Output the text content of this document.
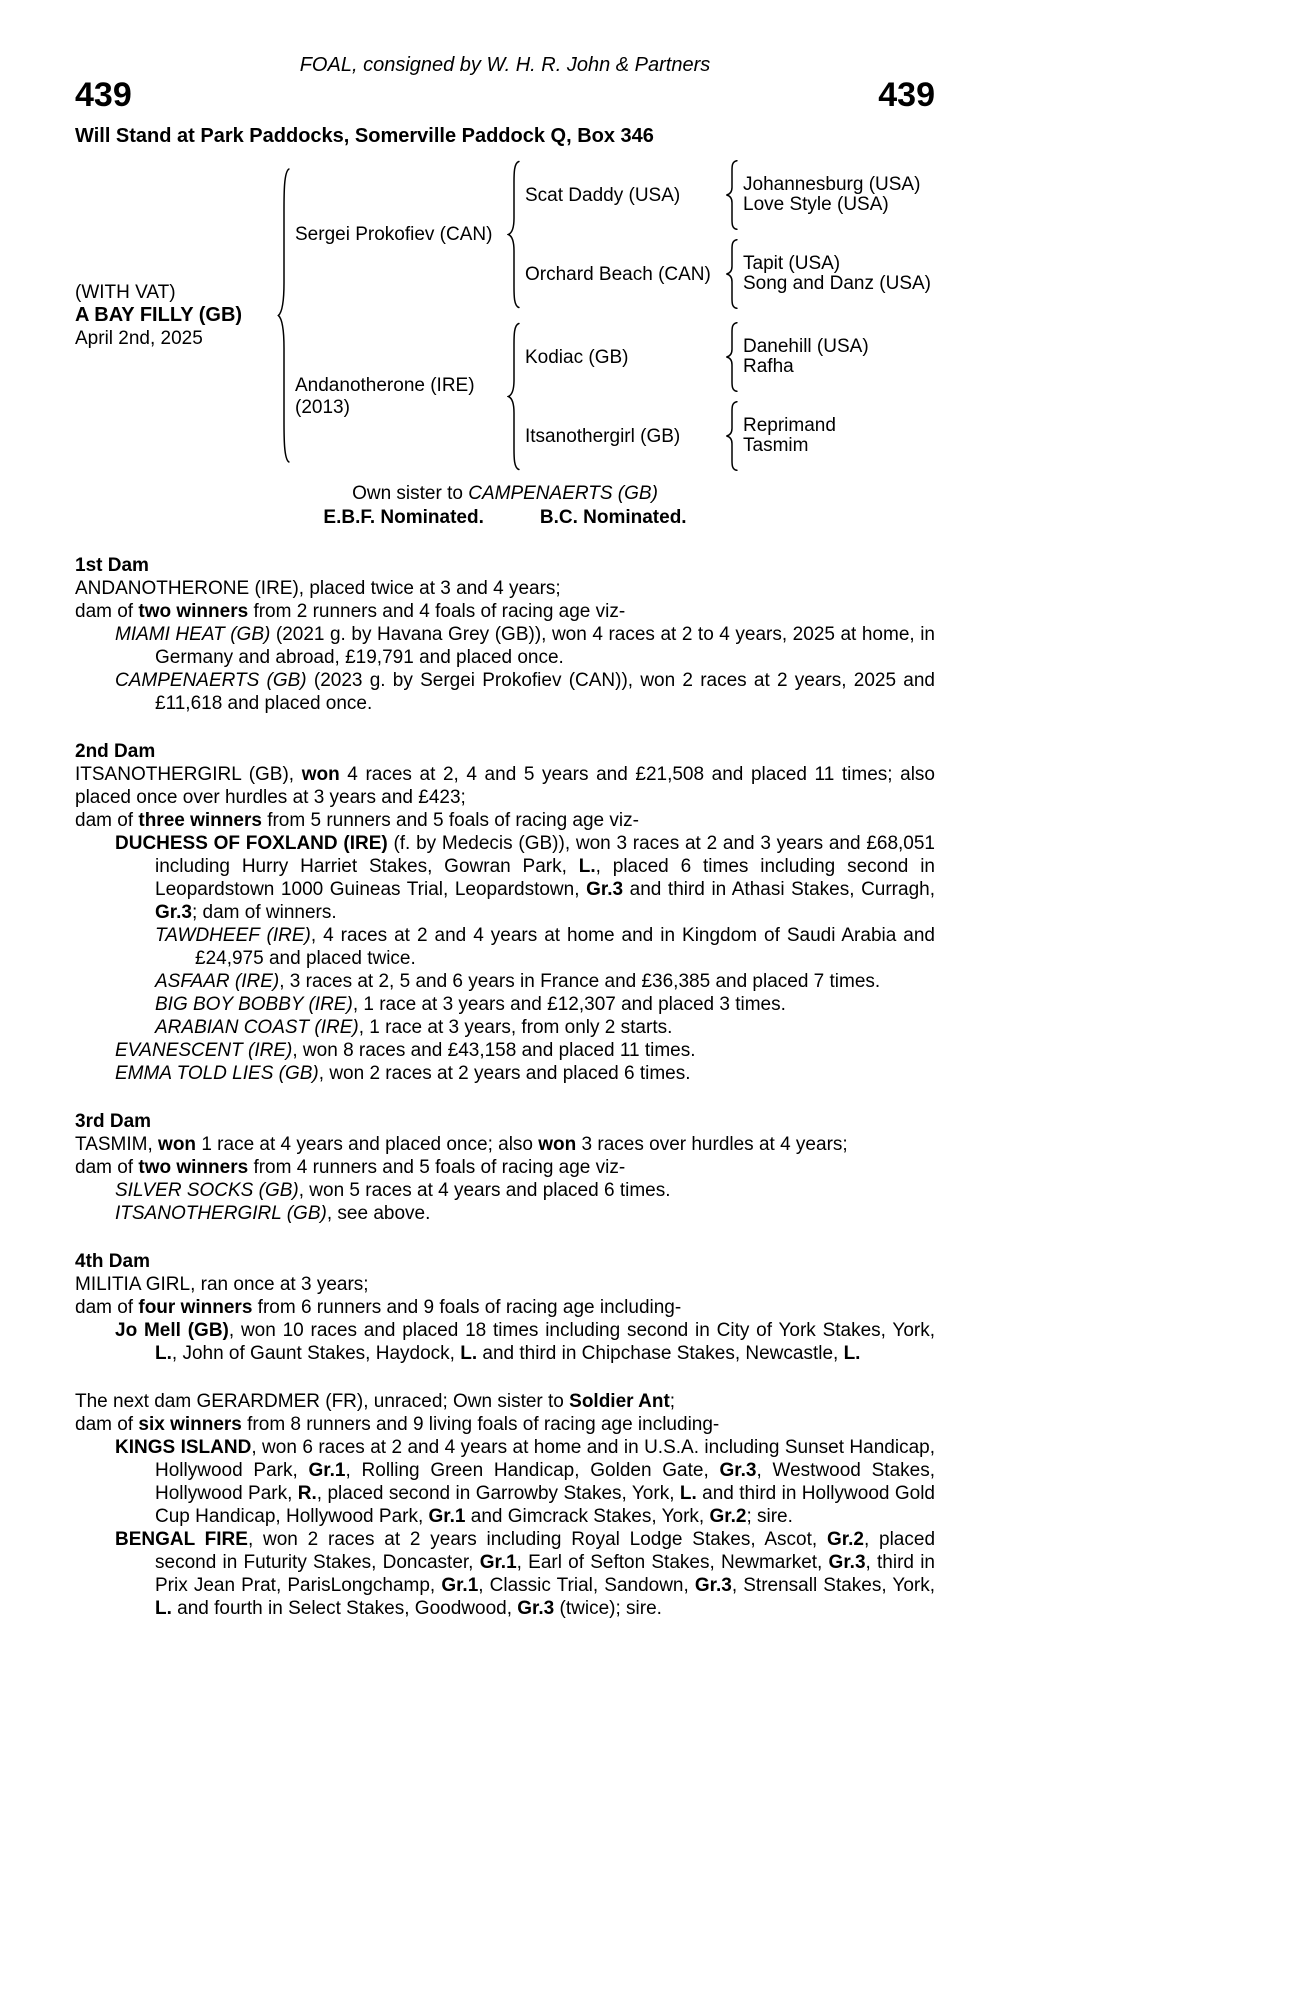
FOAL, consigned by W. H. R. John & Partners
439	439
Will Stand at Park Paddocks, Somerville Paddock Q, Box 346
(WITH VAT)
A BAY FILLY (GB)
April 2nd, 2025
Sergei Prokofiev (CAN)
Scat Daddy (USA)	Johannesburg (USA)
Love Style (USA)
Orchard Beach (CAN)	Tapit (USA)
Song and Danz (USA)
Andanotherone (IRE)
(2013)
Kodiac (GB)	Danehill (USA)
Rafha
Itsanothergirl (GB)	Reprimand
Tasmim
Own sister to CAMPENAERTS (GB)
E.B.F. Nominated.	B.C. Nominated.
1st Dam

ANDANOTHERONE (IRE), placed twice at 3 and 4 years;

dam of two winners from 2 runners and 4 foals of racing age viz-

MIAMI HEAT (GB) (2021 g. by Havana Grey (GB)), won 4 races at 2 to 4 years, 2025 at home, in Germany and abroad, £19,791 and placed once.

CAMPENAERTS (GB) (2023 g. by Sergei Prokofiev (CAN)), won 2 races at 2 years, 2025 and £11,618 and placed once.

2nd Dam

ITSANOTHERGIRL (GB), won 4 races at 2, 4 and 5 years and £21,508 and placed 11 times; also placed once over hurdles at 3 years and £423;

dam of three winners from 5 runners and 5 foals of racing age viz-

DUCHESS OF FOXLAND (IRE) (f. by Medecis (GB)), won 3 races at 2 and 3 years and £68,051 including Hurry Harriet Stakes, Gowran Park, L., placed 6 times including second in Leopardstown 1000 Guineas Trial, Leopardstown, Gr.3 and third in Athasi Stakes, Curragh, Gr.3; dam of winners.

TAWDHEEF (IRE), 4 races at 2 and 4 years at home and in Kingdom of Saudi Arabia and £24,975 and placed twice.

ASFAAR (IRE), 3 races at 2, 5 and 6 years in France and £36,385 and placed 7 times.

BIG BOY BOBBY (IRE), 1 race at 3 years and £12,307 and placed 3 times.

ARABIAN COAST (IRE), 1 race at 3 years, from only 2 starts.

EVANESCENT (IRE), won 8 races and £43,158 and placed 11 times.

EMMA TOLD LIES (GB), won 2 races at 2 years and placed 6 times.

3rd Dam

TASMIM, won 1 race at 4 years and placed once; also won 3 races over hurdles at 4 years;

dam of two winners from 4 runners and 5 foals of racing age viz-

SILVER SOCKS (GB), won 5 races at 4 years and placed 6 times.

ITSANOTHERGIRL (GB), see above.

4th Dam

MILITIA GIRL, ran once at 3 years;

dam of four winners from 6 runners and 9 foals of racing age including-

Jo Mell (GB), won 10 races and placed 18 times including second in City of York Stakes, York, L., John of Gaunt Stakes, Haydock, L. and third in Chipchase Stakes, Newcastle, L.

The next dam GERARDMER (FR), unraced; Own sister to Soldier Ant;

dam of six winners from 8 runners and 9 living foals of racing age including-

KINGS ISLAND, won 6 races at 2 and 4 years at home and in U.S.A. including Sunset Handicap, Hollywood Park, Gr.1, Rolling Green Handicap, Golden Gate, Gr.3, Westwood Stakes, Hollywood Park, R., placed second in Garrowby Stakes, York, L. and third in Hollywood Gold Cup Handicap, Hollywood Park, Gr.1 and Gimcrack Stakes, York, Gr.2; sire.

BENGAL FIRE, won 2 races at 2 years including Royal Lodge Stakes, Ascot, Gr.2, placed second in Futurity Stakes, Doncaster, Gr.1, Earl of Sefton Stakes, Newmarket, Gr.3, third in Prix Jean Prat, ParisLongchamp, Gr.1, Classic Trial, Sandown, Gr.3, Strensall Stakes, York, L. and fourth in Select Stakes, Goodwood, Gr.3 (twice); sire.
